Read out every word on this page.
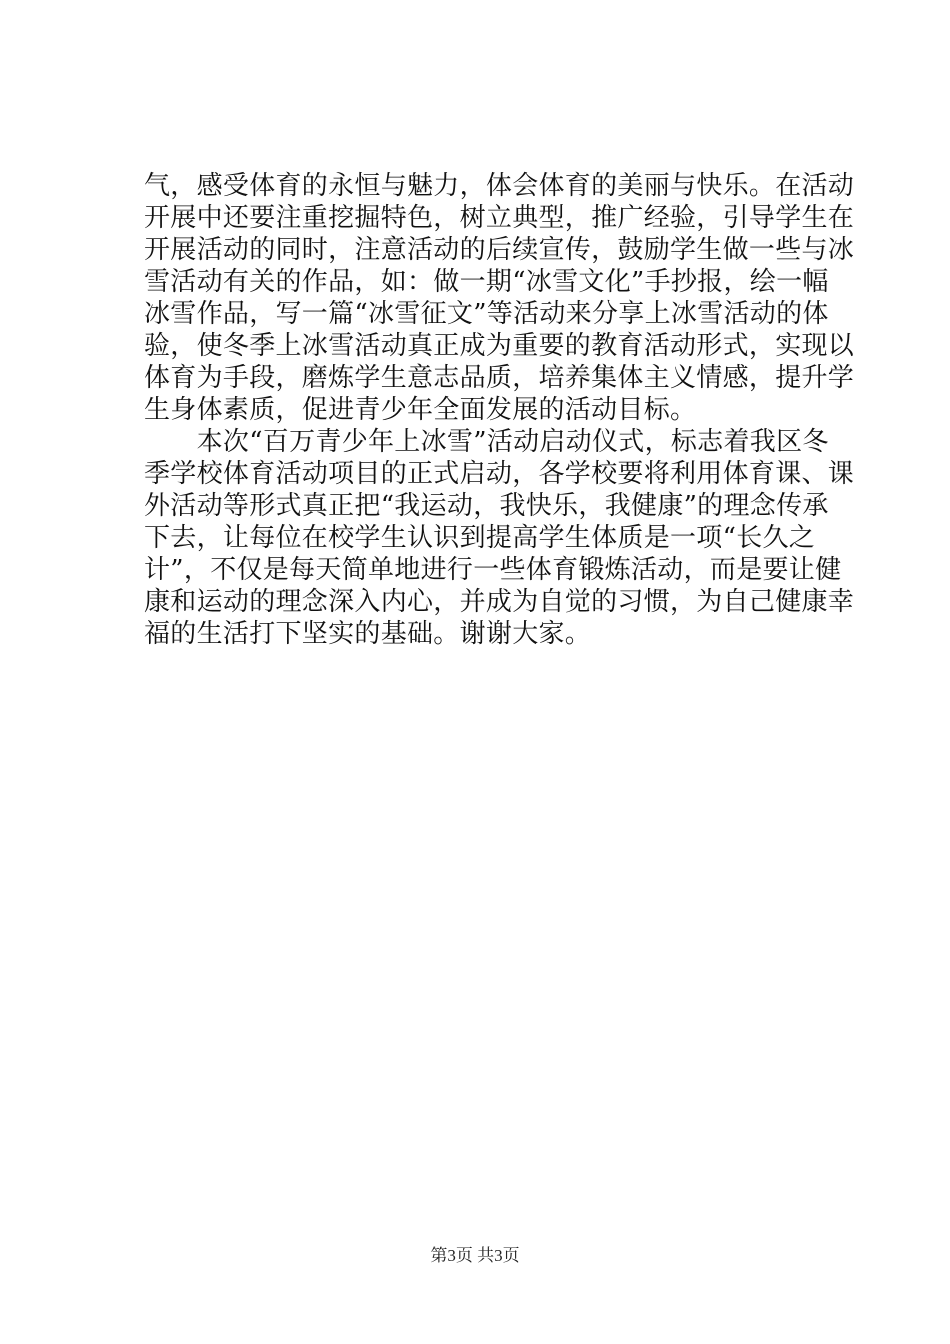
气，感受体育的永恒与魅力，体会体育的美丽与快乐。在活动
开展中还要注重挖掘特色，树立典型，推广经验，引导学生在
开展活动的同时，注意活动的后续宣传，鼓励学生做一些与冰
雪活动有关的作品，如：做一期“冰雪文化”手抄报，绘一幅
冰雪作品，写一篇“冰雪征文”等活动来分享上冰雪活动的体
验，使冬季上冰雪活动真正成为重要的教育活动形式，实现以
体育为手段，磨炼学生意志品质，培养集体主义情感，提升学
生身体素质，促进青少年全面发展的活动目标。
　　本次“百万青少年上冰雪”活动启动仪式，标志着我区冬
季学校体育活动项目的正式启动，各学校要将利用体育课、课
外活动等形式真正把“我运动，我快乐，我健康”的理念传承
下去，让每位在校学生认识到提高学生体质是一项“长久之
计”，不仅是每天简单地进行一些体育锻炼活动，而是要让健
康和运动的理念深入内心，并成为自觉的习惯，为自己健康幸
福的生活打下坚实的基础。谢谢大家。
第3页 共3页
